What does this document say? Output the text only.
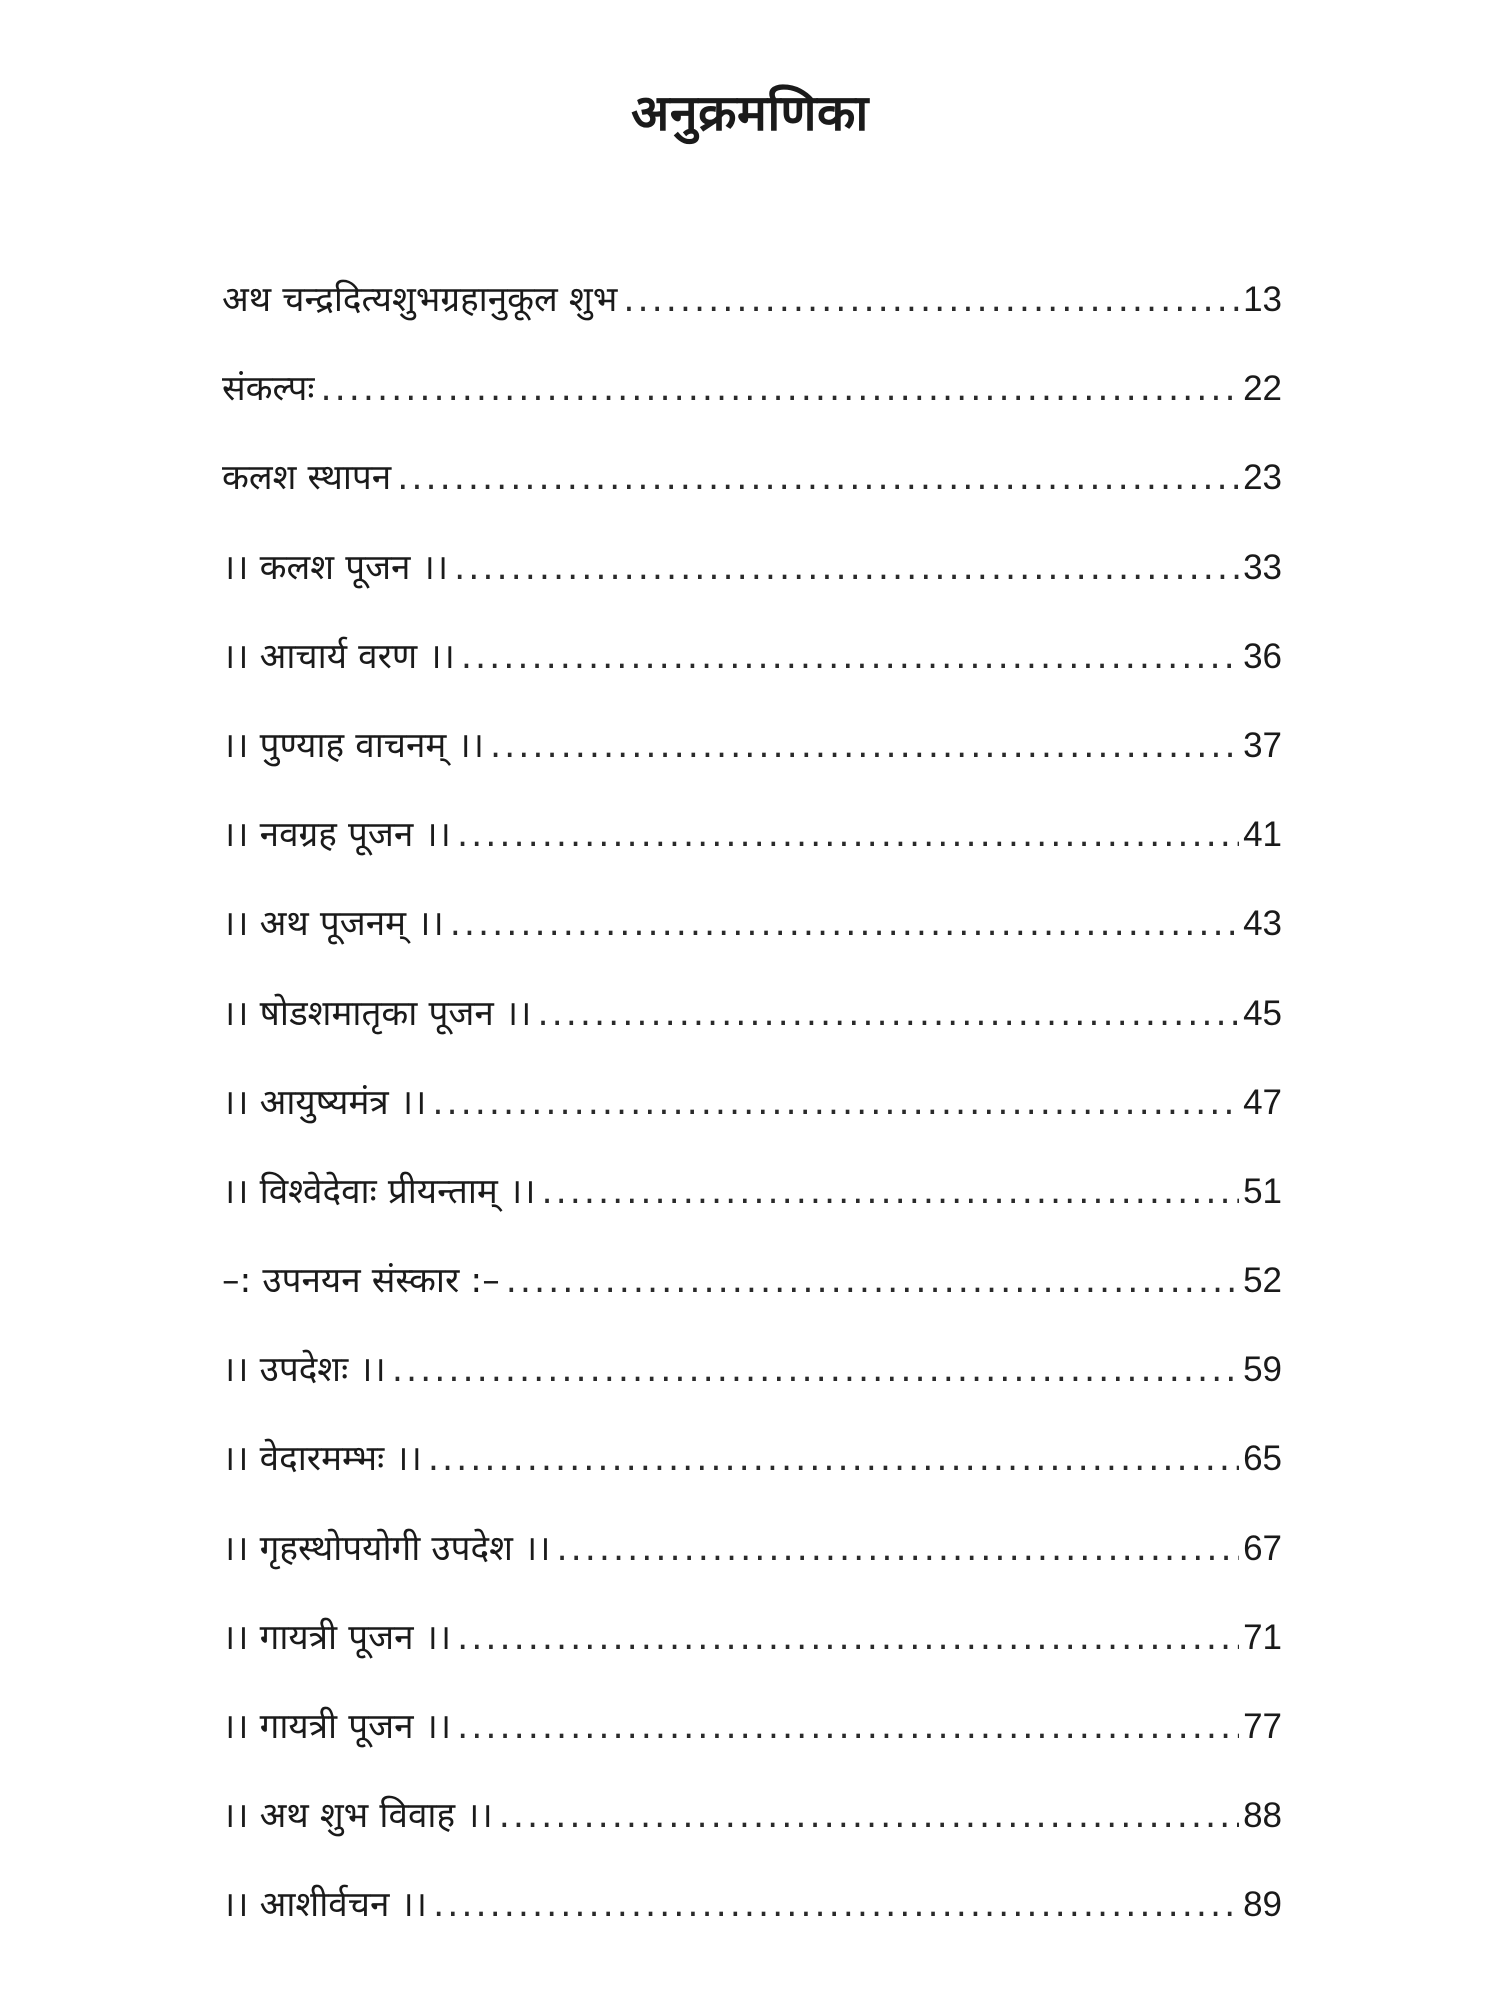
अनुक्रमणिका
अथ चन्द्रदित्यशुभग्रहानुकूल शुभ .....	13
संकल्पः .....	22
कलश स्थापन .....	23
।। कलश पूजन ।। .....	33
।। आचार्य वरण ।। .....	36
।। पुण्याह वाचनम् ।। .....	37
।। नवग्रह पूजन ।। .....	41
।। अथ पूजनम् ।। .....	43
।। षोडशमातृका पूजन ।। .....	45
।। आयुष्यमंत्र ।। .....	47
।। विश्वेदेवाः प्रीयन्ताम् ।। .....	51
–: उपनयन संस्कार :– .....	52
।। उपदेशः ।। .....	59
।। वेदारमम्भः ।। .....	65
।। गृहस्थोपयोगी उपदेश ।। .....	67
।। गायत्री पूजन ।। .....	71
।। गायत्री पूजन ।। .....	77
।। अथ शुभ विवाह ।। .....	88
।। आशीर्वचन ।। .....	89
